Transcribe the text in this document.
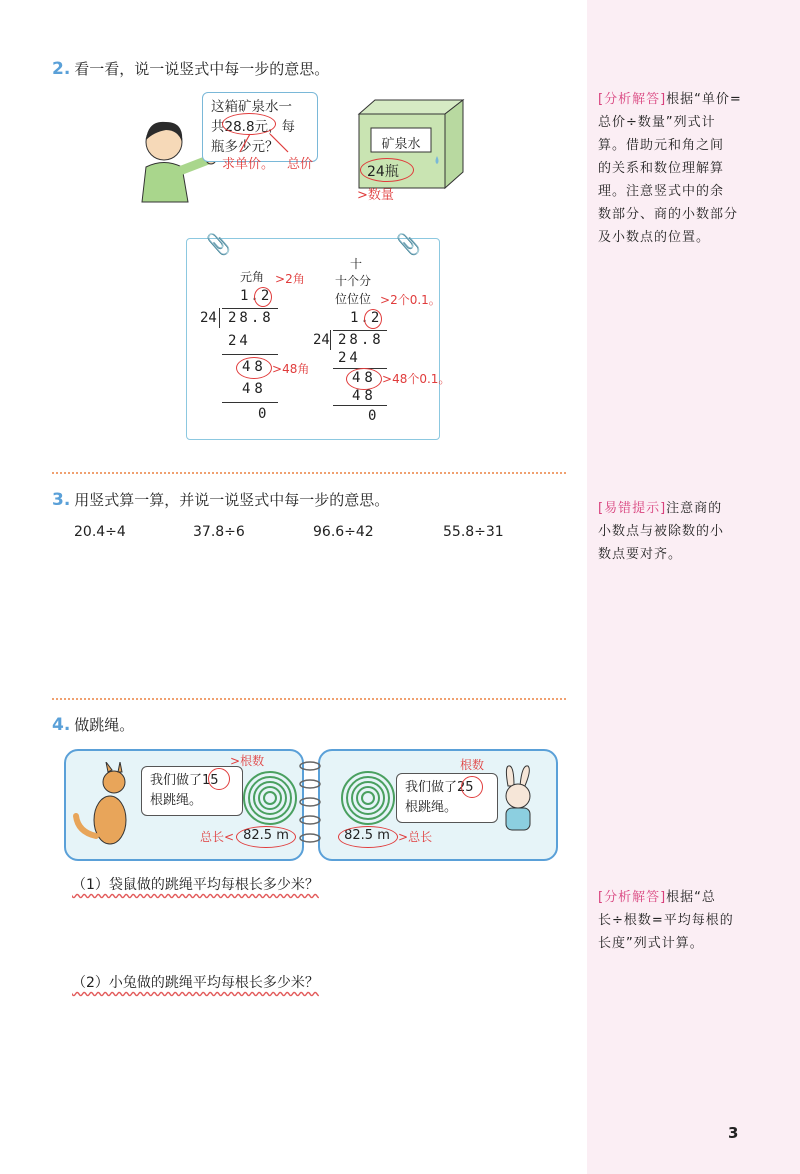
2. 看一看，说一说竖式中每一步的意思。
这箱矿泉水一
共28.8元，每
瓶多少元？
求单价。 总价
矿泉水
24瓶
>数量
📎	📎
元角 >2角
1.2
24 28.8
24
48 >48角
48
0
十
十个分
位位位 >2个0.1。
1.2
24 28.8
24
48 >48个0.1。
48
0
3. 用竖式算一算，并说一说竖式中每一步的意思。
20.4÷4	37.8÷6	96.6÷42	55.8÷31
4. 做跳绳。
我们做了15
根跳绳。
>根数
总长< 82.5 m	82.5 m >总长
我们做了25
根跳绳。
根数
（1）袋鼠做的跳绳平均每根长多少米？
（2）小兔做的跳绳平均每根长多少米？
[分析解答]根据“单价=
总价÷数量”列式计
算。借助元和角之间
的关系和数位理解算
理。注意竖式中的余
数部分、商的小数部分
及小数点的位置。
[易错提示]注意商的
小数点与被除数的小
数点要对齐。
[分析解答]根据“总
长÷根数=平均每根的
长度”列式计算。
3
